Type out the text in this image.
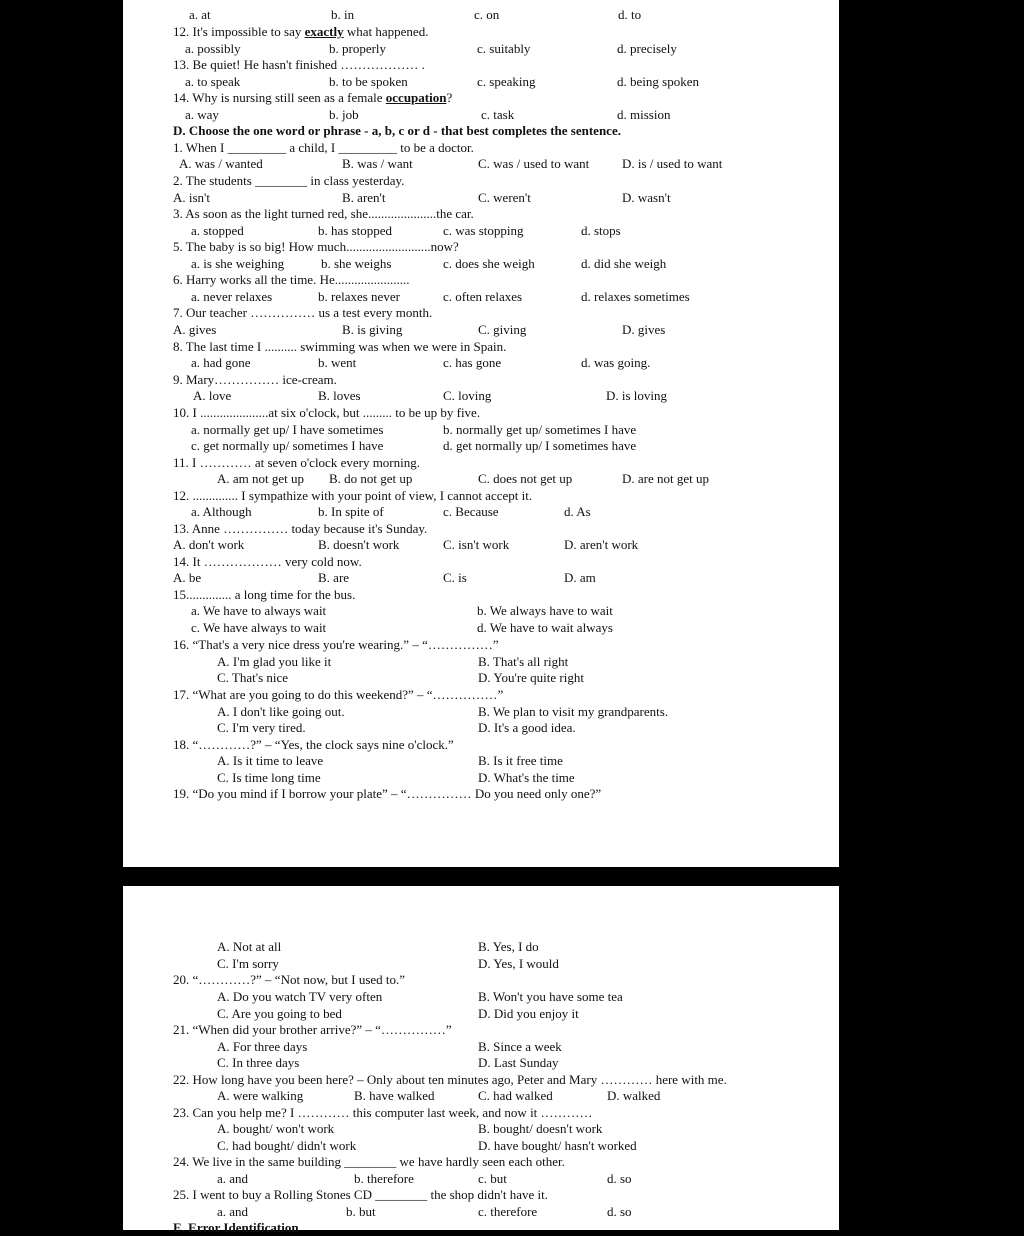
a. at	b. in	c. on	d. to
12. It's impossible to say exactly what happened.
a. possibly	b. properly	c. suitably	d. precisely
13. Be quiet! He hasn't finished ……………… .
a. to speak	b. to be spoken	c. speaking	d. being spoken
14. Why is nursing still seen as a female occupation?
a. way	b. job	c. task	d. mission
D. Choose the one word or phrase - a, b, c or d - that best completes the sentence.
1. When I _________ a child, I _________ to be a doctor.
A. was / wanted	B. was / want	C. was / used to want	D. is / used to want
2. The students ________ in class yesterday.
A. isn't	B. aren't	C. weren't	D. wasn't
3. As soon as the light turned red, she.....................the car.
a. stopped	b. has stopped	c. was stopping	d. stops
5. The baby is so big! How much..........................now?
a. is she weighing	b. she weighs	c. does she weigh	d. did she weigh
6. Harry works all the time. He.......................
a. never relaxes	b. relaxes never	c. often relaxes	d. relaxes sometimes
7. Our teacher …………… us a test every month.
A. gives	B. is giving	C. giving	D. gives
8. The last time I .......... swimming was when we were in Spain.
a. had gone	b. went	c. has gone	d. was going.
9. Mary…………… ice-cream.
A. love	B. loves	C. loving	D. is loving
10. I .....................at six o'clock, but ......... to be up by five.
a. normally get up/ I have sometimes	b. normally get up/ sometimes I have
c. get normally up/ sometimes I have	d. get normally up/ I sometimes have
11. I ………… at seven o'clock every morning.
A. am not get up B. do not get up	C. does not get up	D. are not get up
12. .............. I sympathize with your point of view, I cannot accept it.
a. Although	b. In spite of	c. Because	d. As
13. Anne …………… today because it's Sunday.
A. don't work	B. doesn't work	C. isn't work	D. aren't work
14. It ……………… very cold now.
A. be	B. are	C. is	D. am
15.............. a long time for the bus.
a. We have to always wait	b. We always have to wait
c. We have always to wait	d. We have to wait always
16. “That's a very nice dress you're wearing.” – “……………”
A. I'm glad you like it	B. That's all right
C. That's nice	D. You're quite right
17. “What are you going to do this weekend?” – “……………”
A. I don't like going out.	B. We plan to visit my grandparents.
C. I'm very tired.	D. It's a good idea.
18. “…………?” – “Yes, the clock says nine o'clock.”
A. Is it time to leave	B. Is it free time
C. Is time long time	D. What's the time
19. “Do you mind if I borrow your plate” – “…………… Do you need only one?”
A. Not at all	B. Yes, I do
C. I'm sorry	D. Yes, I would
20. “…………?” – “Not now, but I used to.”
A. Do you watch TV very often	B. Won't you have some tea
C. Are you going to bed	D. Did you enjoy it
21. “When did your brother arrive?” – “……………”
A. For three days	B. Since a week
C. In three days	D. Last Sunday
22. How long have you been here? – Only about ten minutes ago, Peter and Mary ………… here with me.
A. were walking	B. have walked	C. had walked	D. walked
23. Can you help me? I ………… this computer last week, and now it …………
A. bought/ won't work	B. bought/ doesn't work
C. had bought/ didn't work	D. have bought/ hasn't worked
24. We live in the same building ________ we have hardly seen each other.
a. and	b. therefore	c. but	d. so
25. I went to buy a Rolling Stones CD ________ the shop didn't have it.
a. and	b. but	c. therefore	d. so
E. Error Identification
